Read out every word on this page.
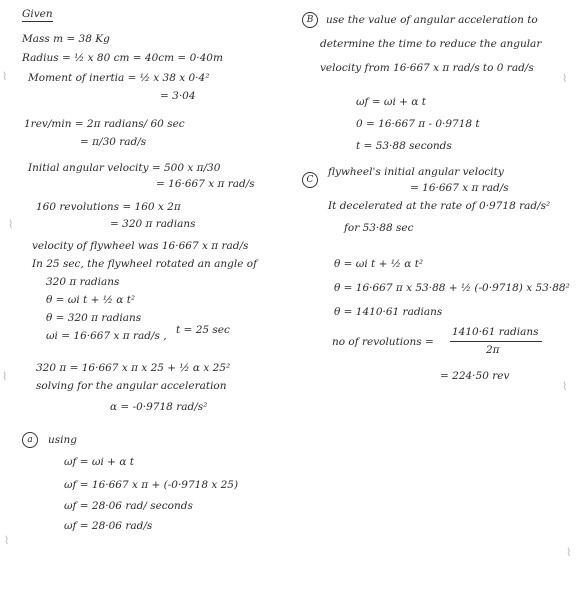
Given
Mass m = 38 Kg
Radius = ½ x 80 cm = 40cm = 0·40m
Moment of inertia = ½ x 38 x 0·4²
= 3·04
1rev/min = 2π radians/ 60 sec
= π/30 rad/s
Initial angular velocity = 500 x π/30
= 16·667 x π rad/s
160 revolutions = 160 x 2π
= 320 π radians
velocity of flywheel was 16·667 x π rad/s
In 25 sec, the flywheel rotated an angle of
320 π radians
θ = ωi t + ½ α t²
θ = 320 π radians
ωi = 16·667 x π rad/s , t = 25 sec
320 π = 16·667 x π x 25 + ½ α x 25²
solving for the angular acceleration
α = -0·9718 rad/s²
a	using
ωf = ωi + α t
ωf = 16·667 x π + (-0·9718 x 25)
ωf = 28·06 rad/ seconds
ωf = 28·06 rad/s
B	use the value of angular acceleration to
determine the time to reduce the angular
velocity from 16·667 x π rad/s to 0 rad/s
ωf = ωi + α t
0 = 16·667 π - 0·9718 t
t = 53·88 seconds
C
flywheel's initial angular velocity
= 16·667 x π rad/s
It decelerated at the rate of 0·9718 rad/s²
for 53·88 sec
θ = ωi t + ½ α t²
θ = 16·667 π x 53·88 + ½ (-0·9718) x 53·88²
θ = 1410·61 radians
no of revolutions =
1410·61 radians
2π
= 224·50 rev
⌇
⌇
⌇
⌇
⌇
⌇
⌇
